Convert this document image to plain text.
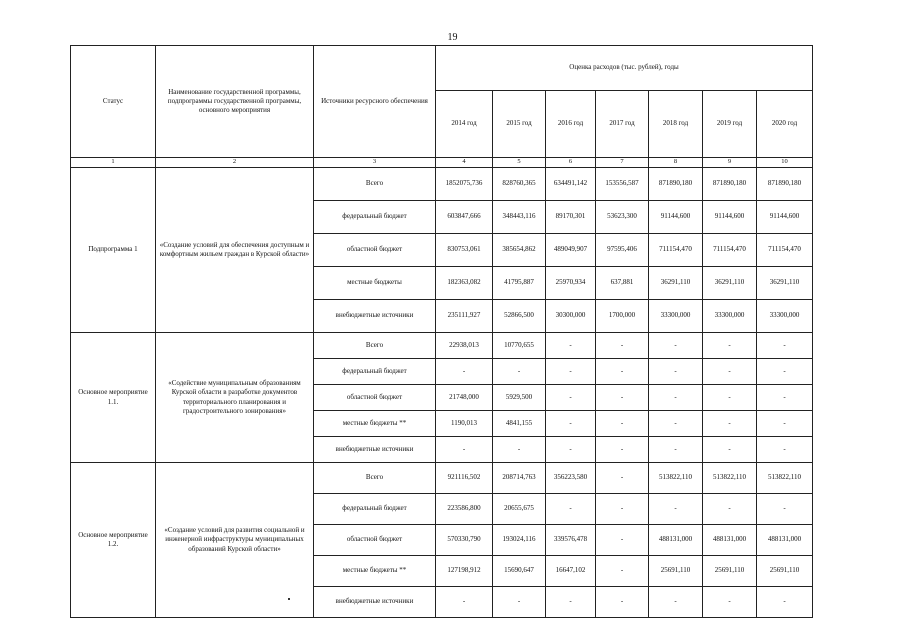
19
Статус	Наименование государственной программы, подпрограммы государственной программы, основного мероприятия	Источники ресурсного обеспечения	Оценка расходов (тыс. рублей), годы						
			2014 год	2015 год	2016 год	2017 год	2018 год	2019 год	2020 год
1	2	3	4	5	6	7	8	9	10
Подпрограмма 1	«Создание условий для обеспечения доступным и комфортным жильем граждан в Курской области»	Всего	1852075,736	828760,365	634491,142	153556,587	871890,180	871890,180	871890,180
		федеральный бюджет	603847,666	348443,116	89170,301	53623,300	91144,600	91144,600	91144,600
		областной бюджет	830753,061	385654,862	489049,907	97595,406	711154,470	711154,470	711154,470
		местные бюджеты	182363,082	41795,887	25970,934	637,881	36291,110	36291,110	36291,110
		внебюджетные источники	235111,927	52866,500	30300,000	1700,000	33300,000	33300,000	33300,000
Основное мероприятие 1.1.	«Содействие муниципальным образованиям Курской области в разработке документов территориального планирования и градостроительного зонирования»	Всего	22938,013	10770,655	-	-	-	-	-
		федеральный бюджет	-	-	-	-	-	-	-
		областной бюджет	21748,000	5929,500	-	-	-	-	-
		местные бюджеты **	1190,013	4841,155	-	-	-	-	-
		внебюджетные источники	-	-	-	-	-	-	-
Основное мероприятие 1.2.	«Создание условий для развития социальной и инженерной инфраструктуры муниципальных образований Курской области»	Всего	921116,502	208714,763	356223,580	-	513822,110	513822,110	513822,110
		федеральный бюджет	223586,800	20655,675	-	-	-	-	-
		областной бюджет	570330,790	193024,116	339576,478	-	488131,000	488131,000	488131,000
		местные бюджеты **	127198,912	15690,647	16647,102	-	25691,110	25691,110	25691,110
		внебюджетные источники	-	-	-	-	-	-	-
